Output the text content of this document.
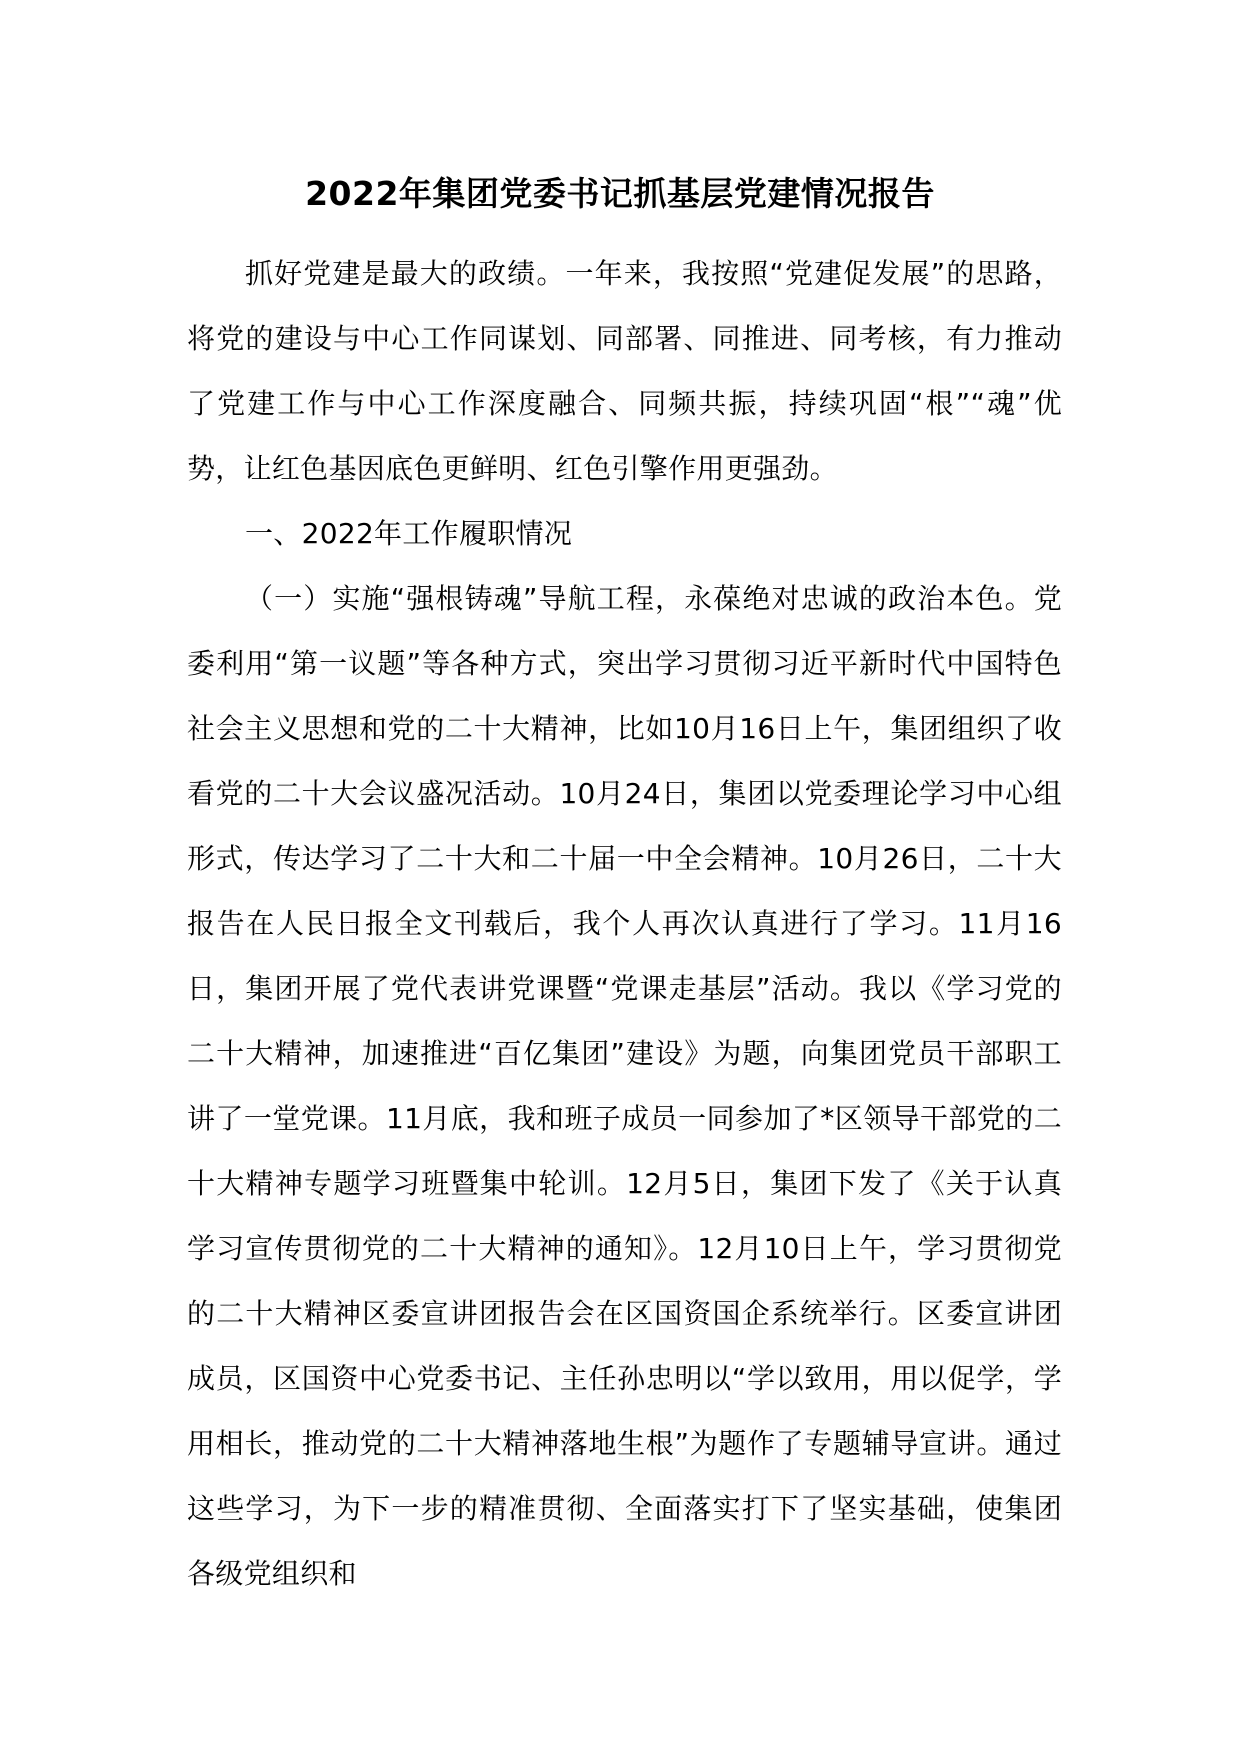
2022年集团党委书记抓基层党建情况报告

抓好党建是最大的政绩。一年来，我按照“党建促发展”的思路，将党的建设与中心工作同谋划、同部署、同推进、同考核，有力推动了党建工作与中心工作深度融合、同频共振，持续巩固“根”“魂”优势，让红色基因底色更鲜明、红色引擎作用更强劲。

一、2022年工作履职情况

（一）实施“强根铸魂”导航工程，永葆绝对忠诚的政治本色。党委利用“第一议题”等各种方式，突出学习贯彻习近平新时代中国特色社会主义思想和党的二十大精神，比如10月16日上午，集团组织了收看党的二十大会议盛况活动。10月24日，集团以党委理论学习中心组形式，传达学习了二十大和二十届一中全会精神。10月26日，二十大报告在人民日报全文刊载后，我个人再次认真进行了学习。11月16日，集团开展了党代表讲党课暨“党课走基层”活动。我以《学习党的二十大精神，加速推进“百亿集团”建设》为题，向集团党员干部职工讲了一堂党课。11月底，我和班子成员一同参加了*区领导干部党的二十大精神专题学习班暨集中轮训。12月5日，集团下发了《关于认真学习宣传贯彻党的二十大精神的通知》。12月10日上午，学习贯彻党的二十大精神区委宣讲团报告会在区国资国企系统举行。区委宣讲团成员，区国资中心党委书记、主任孙忠明以“学以致用，用以促学，学用相长，推动党的二十大精神落地生根”为题作了专题辅导宣讲。通过这些学习，为下一步的精准贯彻、全面落实打下了坚实基础，使集团各级党组织和
